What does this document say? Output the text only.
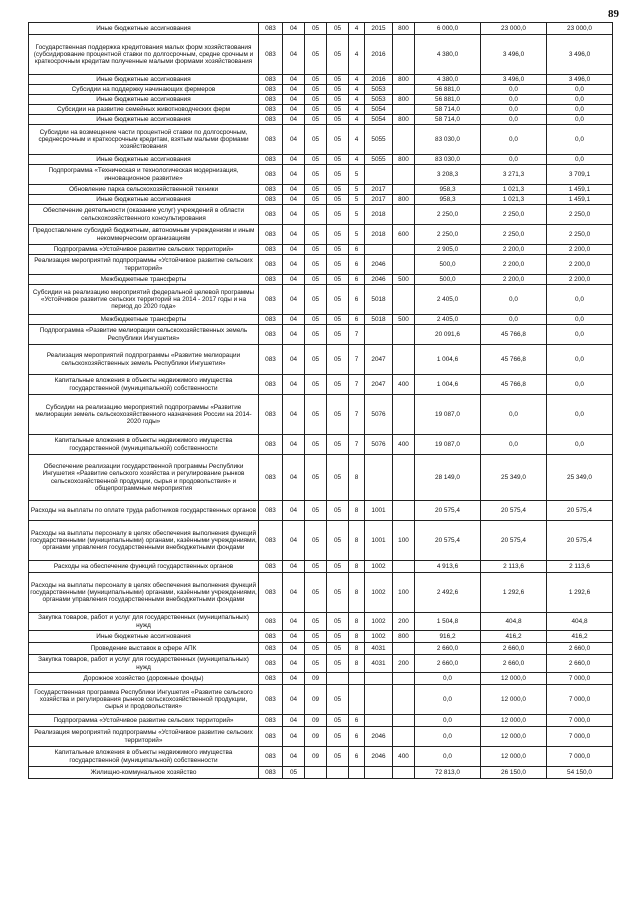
89
Иные бюджетные ассигнования	083	04	05	05	4	2015	800	6 000,0	23 000,0	23 000,0
Государственная поддержка кредитования малых форм хозяйствования (субсидирование процентной ставки по долгосрочным, средне срочным и краткосрочным кредитам полученные малыми формами хозяйствования	083	04	05	05	4	2016		4 380,0	3 496,0	3 496,0
Иные бюджетные ассигнования	083	04	05	05	4	2016	800	4 380,0	3 496,0	3 496,0
Субсидии на поддержку начинающих фермеров	083	04	05	05	4	5053		56 881,0	0,0	0,0
Иные бюджетные ассигнования	083	04	05	05	4	5053	800	56 881,0	0,0	0,0
Субсидии на развитие семейных животноводческих ферм	083	04	05	05	4	5054		58 714,0	0,0	0,0
Иные бюджетные ассигнования	083	04	05	05	4	5054	800	58 714,0	0,0	0,0
Субсидии на возмещение части процентной ставки по долгосрочным, среднесрочным и краткосрочным кредитам, взятым малыми формами хозяйствования	083	04	05	05	4	5055		83 030,0	0,0	0,0
Иные бюджетные ассигнования	083	04	05	05	4	5055	800	83 030,0	0,0	0,0
Подпрограмма «Техническая и технологическая модернизация, инновационное развитие»	083	04	05	05	5			3 208,3	3 271,3	3 709,1
Обновление парка сельскохозяйственной техники	083	04	05	05	5	2017		958,3	1 021,3	1 459,1
Иные бюджетные ассигнования	083	04	05	05	5	2017	800	958,3	1 021,3	1 459,1
Обеспечение деятельности (оказание услуг) учреждений в области сельскохозяйственного консультирования	083	04	05	05	5	2018		2 250,0	2 250,0	2 250,0
Предоставление субсидий бюджетным, автономным учреждениям и иным некоммерческим организациям	083	04	05	05	5	2018	600	2 250,0	2 250,0	2 250,0
Подпрограмма «Устойчивое развитие сельских территорий»	083	04	05	05	6			2 905,0	2 200,0	2 200,0
Реализация мероприятий подпрограммы «Устойчивое развитие сельских территорий»	083	04	05	05	6	2046		500,0	2 200,0	2 200,0
Межбюджетные трансферты	083	04	05	05	6	2046	500	500,0	2 200,0	2 200,0
Субсидии на реализацию мероприятий федеральной целевой программы «Устойчивое развитие сельских территорий на 2014 - 2017 годы и на период до 2020 года»	083	04	05	05	6	5018		2 405,0	0,0	0,0
Межбюджетные трансферты	083	04	05	05	6	5018	500	2 405,0	0,0	0,0
Подпрограмма «Развитие мелиорации сельскохозяйственных земель Республики Ингушетия»	083	04	05	05	7			20 091,6	45 766,8	0,0
Реализация мероприятий подпрограммы «Развитие мелиорации сельскохозяйственных земель Республики Ингушетия»	083	04	05	05	7	2047		1 004,6	45 766,8	0,0
Капитальные вложения в объекты недвижимого имущества государственной (муниципальной) собственности	083	04	05	05	7	2047	400	1 004,6	45 766,8	0,0
Субсидии на реализацию мероприятий подпрограммы «Развитие мелиорации земель сельскохозяйственного назначения России на 2014-2020 годы»	083	04	05	05	7	5076		19 087,0	0,0	0,0
Капитальные вложения в объекты недвижимого имущества государственной (муниципальной) собственности	083	04	05	05	7	5076	400	19 087,0	0,0	0,0
Обеспечение реализации государственной программы Республики Ингушетия «Развитие сельского хозяйства и регулирование рынков сельскохозяйственной продукции, сырья и продовольствия» и общепрограммные мероприятия	083	04	05	05	8			28 149,0	25 349,0	25 349,0
Расходы на выплаты по оплате труда работников государственных органов	083	04	05	05	8	1001		20 575,4	20 575,4	20 575,4
Расходы на выплаты персоналу в целях обеспечения выполнения функций государственными (муниципальными) органами, казёнными учреждениями, органами управления государственными внебюджетными фондами	083	04	05	05	8	1001	100	20 575,4	20 575,4	20 575,4
Расходы на обеспечение функций государственных органов	083	04	05	05	8	1002		4 913,6	2 113,6	2 113,6
Расходы на выплаты персоналу в целях обеспечения выполнения функций государственными (муниципальными) органами, казёнными учреждениями, органами управления государственными внебюджетными фондами	083	04	05	05	8	1002	100	2 492,6	1 292,6	1 292,6
Закупка товаров, работ и услуг для государственных (муниципальных) нужд	083	04	05	05	8	1002	200	1 504,8	404,8	404,8
Иные бюджетные ассигнования	083	04	05	05	8	1002	800	916,2	416,2	416,2
Проведение выставок в сфере АПК	083	04	05	05	8	4031		2 660,0	2 660,0	2 660,0
Закупка товаров, работ и услуг для государственных (муниципальных) нужд	083	04	05	05	8	4031	200	2 660,0	2 660,0	2 660,0
Дорожное хозяйство (дорожные фонды)	083	04	09					0,0	12 000,0	7 000,0
Государственная программа Республики Ингушетия «Развитие сельского хозяйства и регулирования рынков сельскохозяйственной продукции, сырья и продовольствия»	083	04	09	05				0,0	12 000,0	7 000,0
Подпрограмма «Устойчивое развитие сельских территорий»	083	04	09	05	6			0,0	12 000,0	7 000,0
Реализация мероприятий подпрограммы «Устойчивое развитие сельских территорий»	083	04	09	05	6	2046		0,0	12 000,0	7 000,0
Капитальные вложения в объекты недвижимого имущества государственной (муниципальной) собственности	083	04	09	05	6	2046	400	0,0	12 000,0	7 000,0
Жилищно-коммунальное хозяйство	083	05						72 813,0	26 150,0	54 150,0
